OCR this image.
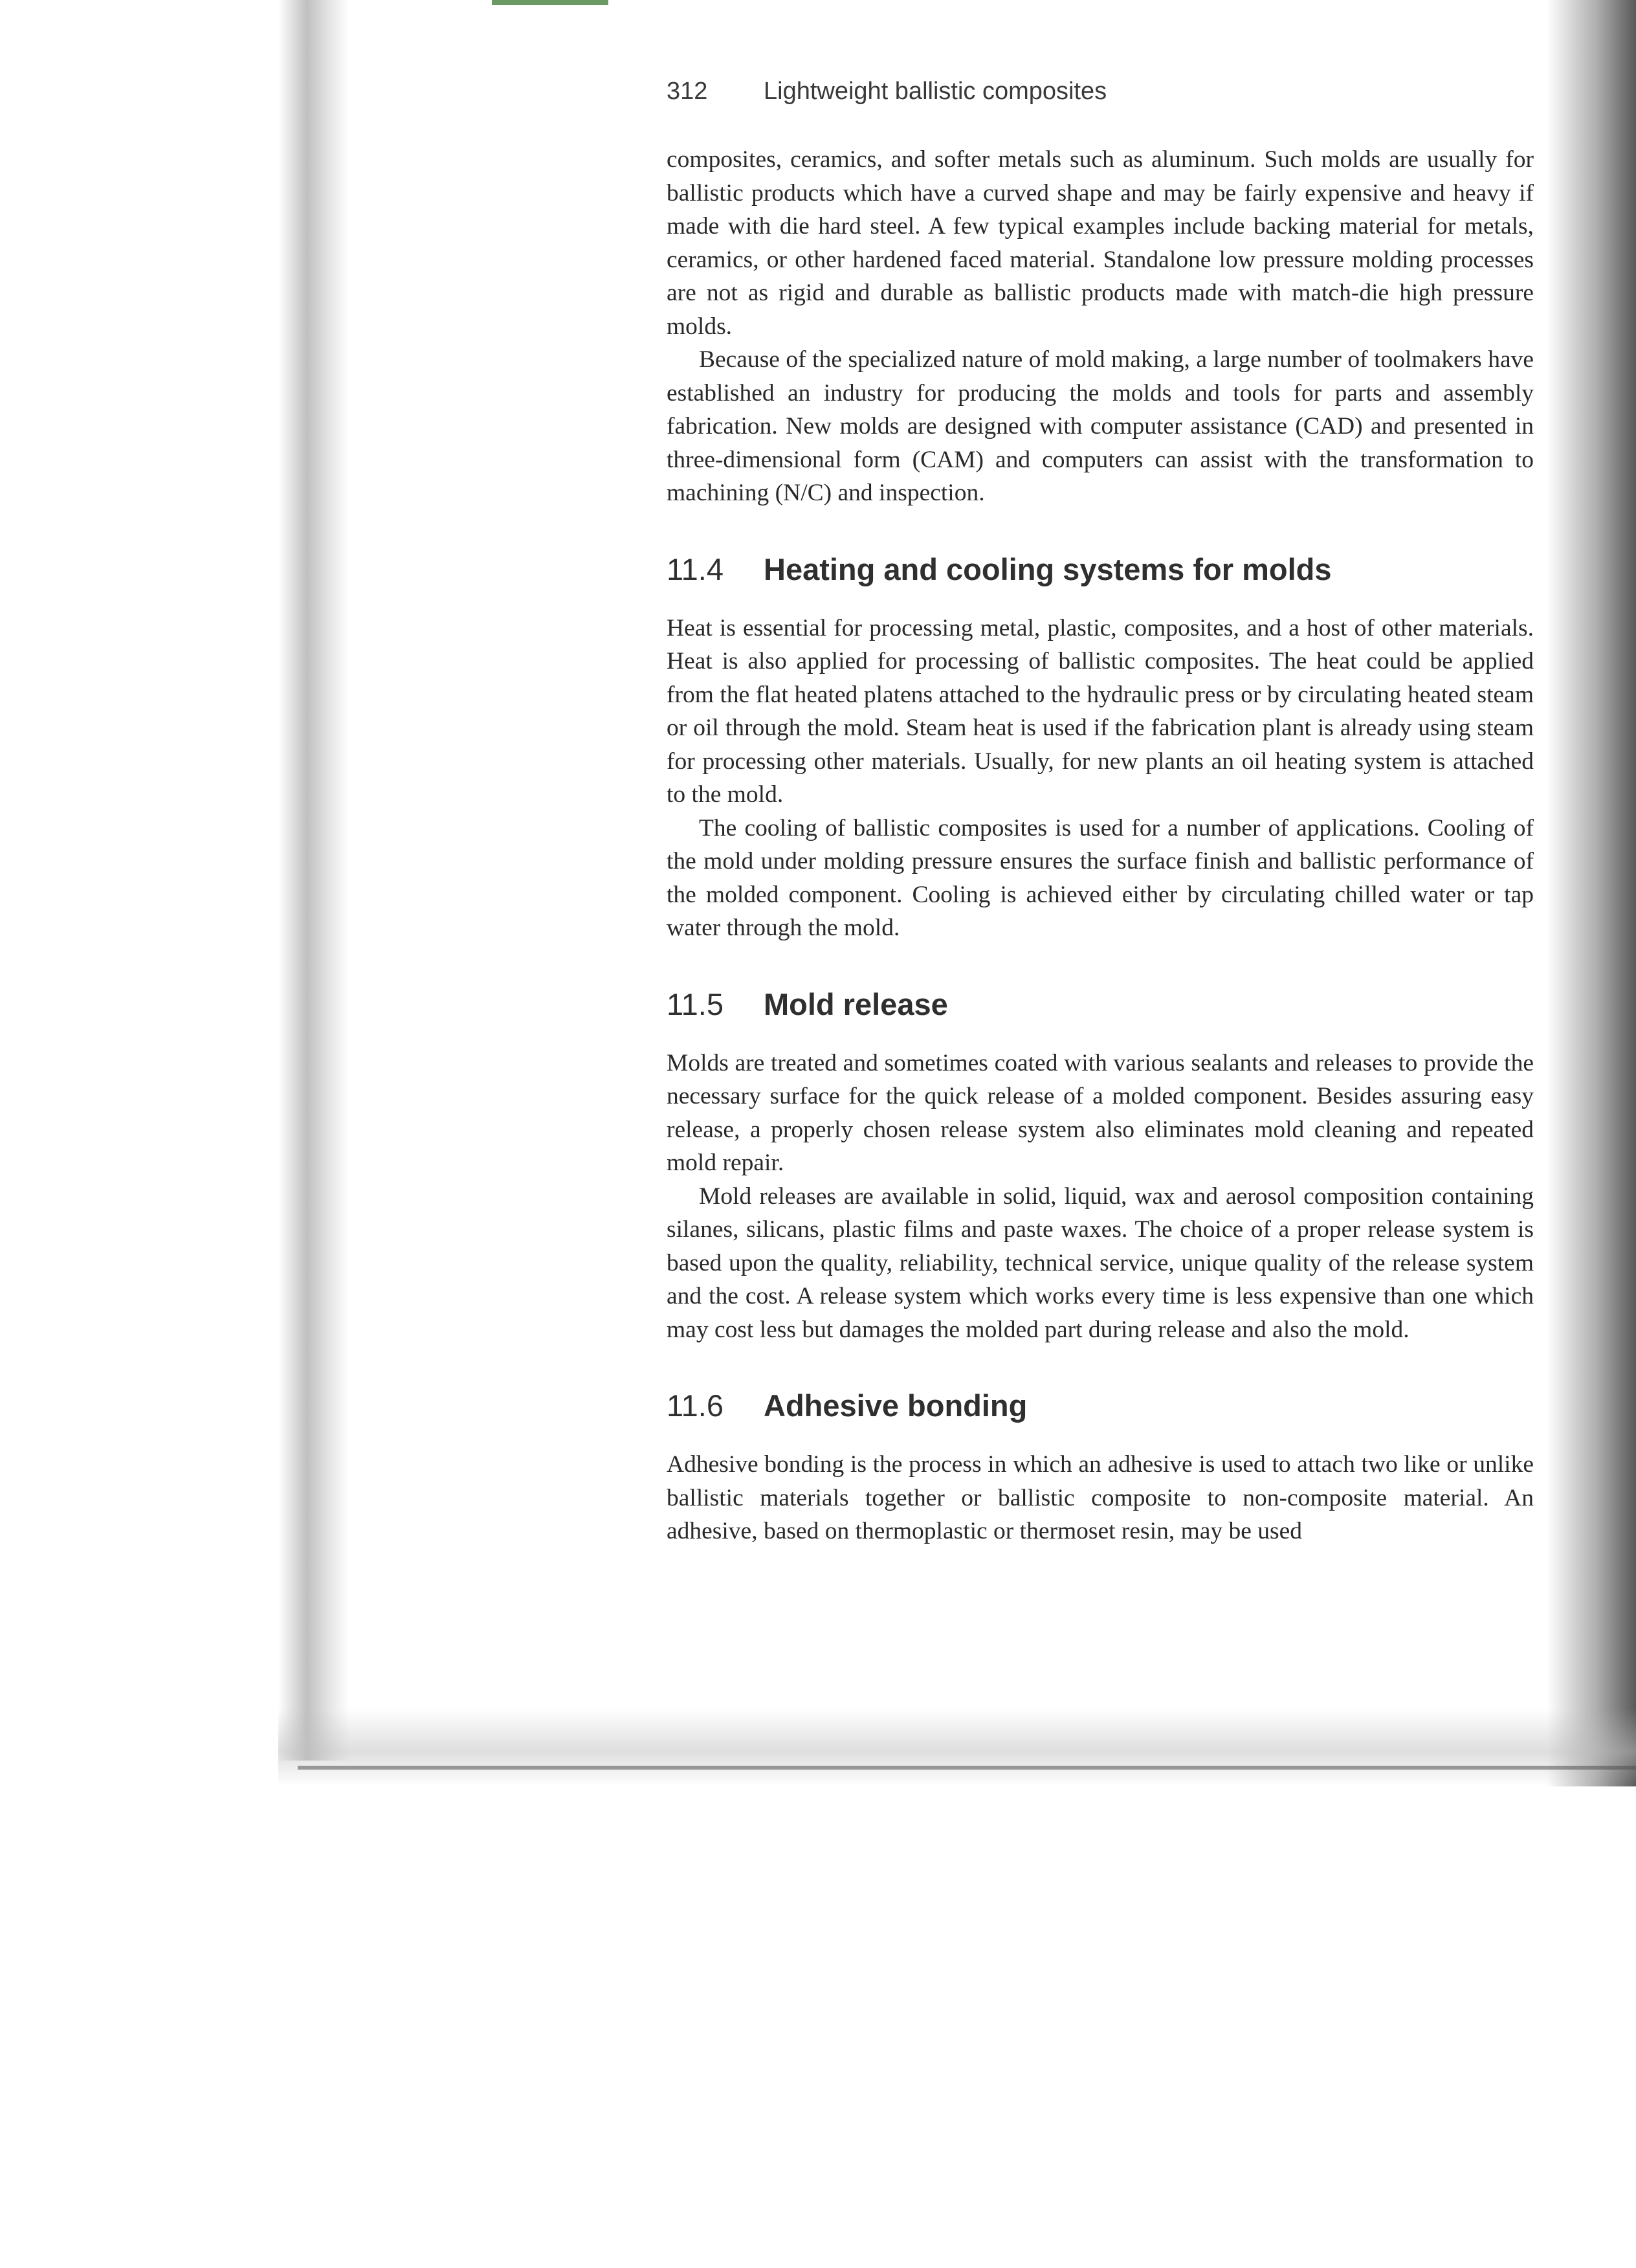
312 Lightweight ballistic composites

composites, ceramics, and softer metals such as aluminum. Such molds are usually for ballistic products which have a curved shape and may be fairly expensive and heavy if made with die hard steel. A few typical examples include backing material for metals, ceramics, or other hardened faced material. Standalone low pressure molding processes are not as rigid and durable as ballistic products made with match-die high pressure molds.

Because of the specialized nature of mold making, a large number of toolmakers have established an industry for producing the molds and tools for parts and assembly fabrication. New molds are designed with computer assistance (CAD) and presented in three-dimensional form (CAM) and computers can assist with the transformation to machining (N/C) and inspection.

11.4 Heating and cooling systems for molds

Heat is essential for processing metal, plastic, composites, and a host of other materials. Heat is also applied for processing of ballistic composites. The heat could be applied from the flat heated platens attached to the hydraulic press or by circulating heated steam or oil through the mold. Steam heat is used if the fabrication plant is already using steam for processing other materials. Usually, for new plants an oil heating system is attached to the mold.

The cooling of ballistic composites is used for a number of applications. Cooling of the mold under molding pressure ensures the surface finish and ballistic performance of the molded component. Cooling is achieved either by circulating chilled water or tap water through the mold.

11.5 Mold release

Molds are treated and sometimes coated with various sealants and releases to provide the necessary surface for the quick release of a molded component. Besides assuring easy release, a properly chosen release system also eliminates mold cleaning and repeated mold repair.

Mold releases are available in solid, liquid, wax and aerosol composition containing silanes, silicans, plastic films and paste waxes. The choice of a proper release system is based upon the quality, reliability, technical service, unique quality of the release system and the cost. A release system which works every time is less expensive than one which may cost less but damages the molded part during release and also the mold.

11.6 Adhesive bonding

Adhesive bonding is the process in which an adhesive is used to attach two like or unlike ballistic materials together or ballistic composite to non-composite material. An adhesive, based on thermoplastic or thermoset resin, may be used
